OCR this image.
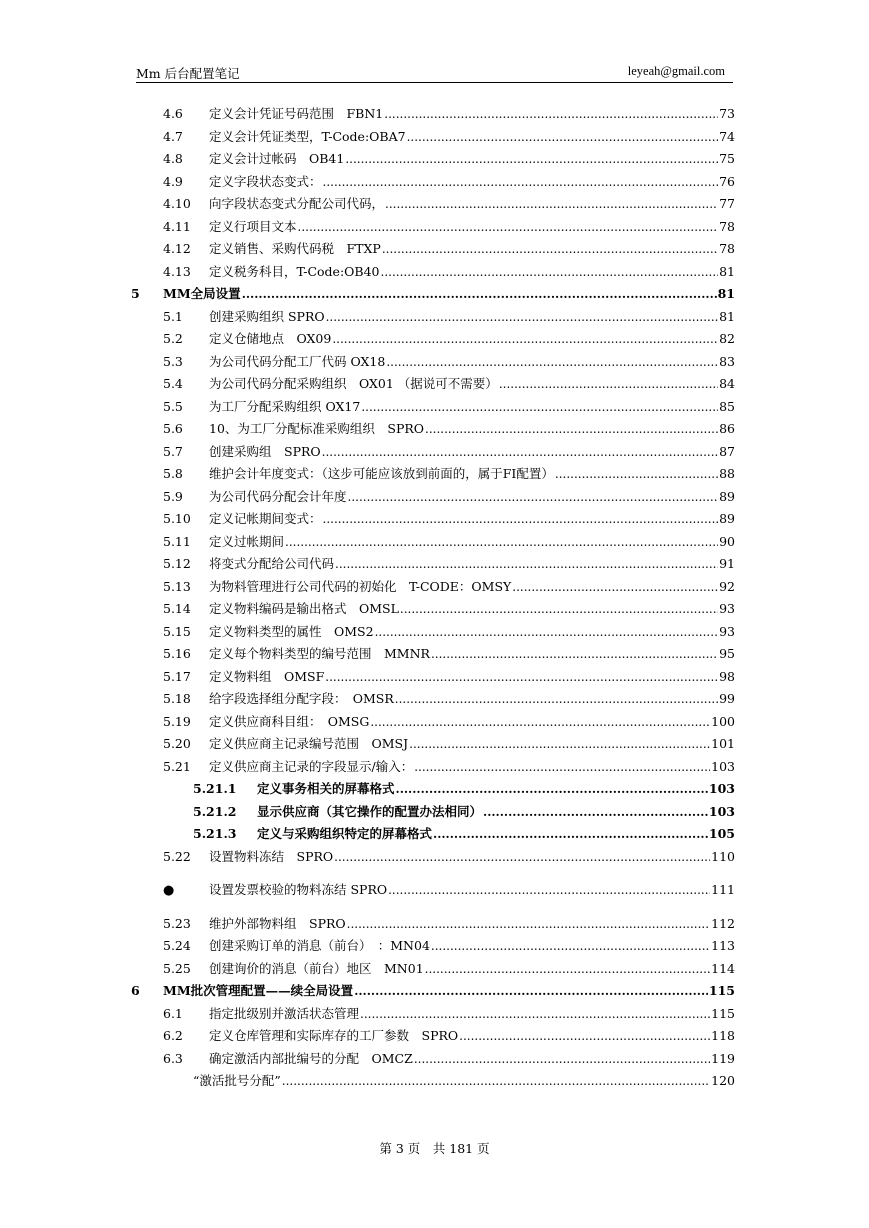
Mm 后台配置笔记	leyeah@gmail.com
4.6	定义会计凭证号码范围　FBN1 .....	73
4.7	定义会计凭证类型，T-Code:OBA7 .....	74
4.8	定义会计过帐码　OB41 .....	75
4.9	定义字段状态变式： .....	76
4.10	向字段状态变式分配公司代码， .....	77
4.11	定义行项目文本 .....	78
4.12	定义销售、采购代码税　FTXP .....	78
4.13	定义税务科目，T-Code:OB40 .....	81
5	MM全局设置 .....	81
5.1	创建采购组织 SPRO .....	81
5.2	定义仓储地点　OX09 .....	82
5.3	为公司代码分配工厂代码 OX18 .....	83
5.4	为公司代码分配采购组织　OX01 （据说可不需要） .....	84
5.5	为工厂分配采购组织 OX17 .....	85
5.6	10、为工厂分配标准采购组织　SPRO .....	86
5.7	创建采购组　SPRO .....	87
5.8	维护会计年度变式：（这步可能应该放到前面的，属于FI配置） .....	88
5.9	为公司代码分配会计年度 .....	89
5.10	定义记帐期间变式： .....	89
5.11	定义过帐期间 .....	90
5.12	将变式分配给公司代码 .....	91
5.13	为物料管理进行公司代码的初始化　T-CODE：OMSY .....	92
5.14	定义物料编码是输出格式　OMSL .....	93
5.15	定义物料类型的属性　OMS2 .....	93
5.16	定义每个物料类型的编号范围　MMNR .....	95
5.17	定义物料组　OMSF .....	98
5.18	给字段选择组分配字段：　OMSR .....	99
5.19	定义供应商科目组：　OMSG .....	100
5.20	定义供应商主记录编号范围　OMSJ .....	101
5.21	定义供应商主记录的字段显示/输入： .....	103
5.21.1	定义事务相关的屏幕格式 .....	103
5.21.2	显示供应商（其它操作的配置办法相同） .....	103
5.21.3	定义与采购组织特定的屏幕格式 .....	105
5.22	设置物料冻结　SPRO .....	110
●	设置发票校验的物料冻结 SPRO .....	111
5.23	维护外部物料组　SPRO .....	112
5.24	创建采购订单的消息（前台）　：MN04 .....	113
5.25	创建询价的消息（前台）地区　MN01 .....	114
6	MM批次管理配置——续全局设置 .....	115
6.1	指定批级别并激活状态管理 .....	115
6.2	定义仓库管理和实际库存的工厂参数　SPRO .....	118
6.3	确定激活内部批编号的分配　OMCZ .....	119
“激活批号分配” .....	120
第 3 页　共 181 页
